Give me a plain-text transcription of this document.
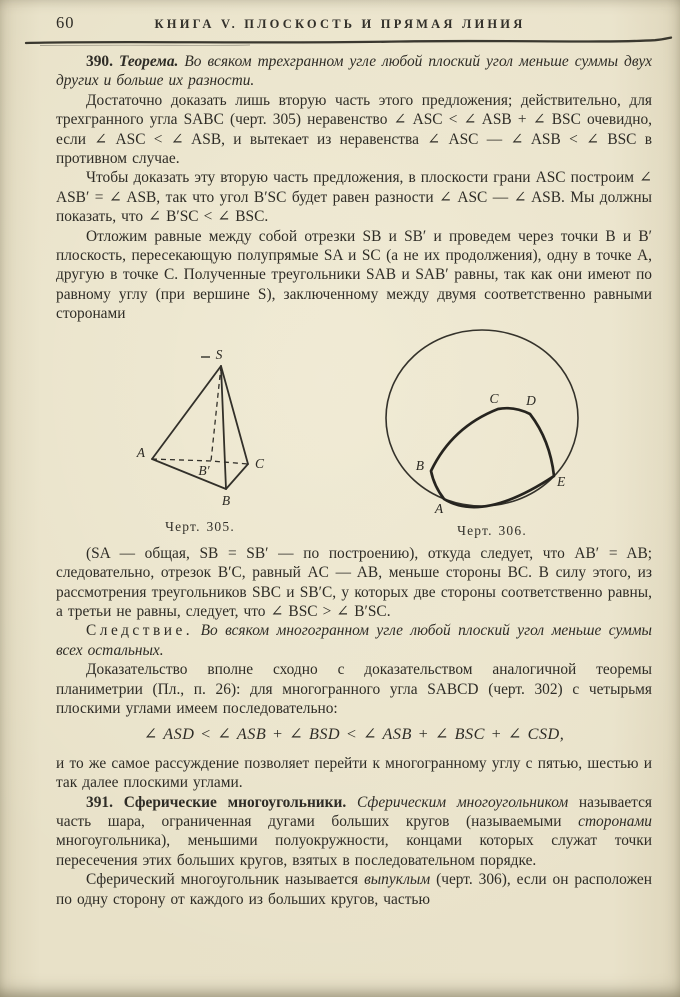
60	КНИГА V. ПЛОСКОСТЬ И ПРЯМАЯ ЛИНИЯ

390. Теорема. Во всяком трехгранном угле любой плоский угол меньше суммы двух других и больше их разности.

Достаточно доказать лишь вторую часть этого предложения; действительно, для трехгранного угла SABC (черт. 305) неравенство ∠ ASC < ∠ ASB + ∠ BSC очевидно, если ∠ ASC < ∠ ASB, и вытекает из неравенства ∠ ASC — ∠ ASB < ∠ BSC в противном случае.

Чтобы доказать эту вторую часть предложения, в плоскости грани ASC построим ∠ ASB′ = ∠ ASB, так что угол B′SC будет равен разности ∠ ASC — ∠ ASB. Мы должны показать, что ∠ B′SC < ∠ BSC.

Отложим равные между собой отрезки SB и SB′ и проведем через точки B и B′ плоскость, пересекающую полупрямые SA и SC (а не их продолжения), одну в точке A, другую в точке C. Полученные треугольники SAB и SAB′ равны, так как они имеют по равному углу (при вершине S), заключенному между двумя соответственно равными сторонами

S
A
B′	C
B
Черт. 305.
C D
B
E
A
Черт. 306.

(SA — общая, SB = SB′ — по построению), откуда следует, что AB′ = AB; следовательно, отрезок B′C, равный AC — AB, меньше стороны BC. В силу этого, из рассмотрения треугольников SBC и SB′C, у которых две стороны соответственно равны, а третьи не равны, следует, что ∠ BSC > ∠ B′SC.

Следствие. Во всяком многогранном угле любой плоский угол меньше суммы всех остальных.

Доказательство вполне сходно с доказательством аналогичной теоремы планиметрии (Пл., п. 26): для многогранного угла SABCD (черт. 302) с четырьмя плоскими углами имеем последовательно:

∠ ASD < ∠ ASB + ∠ BSD < ∠ ASB + ∠ BSC + ∠ CSD,

и то же самое рассуждение позволяет перейти к многогранному углу с пятью, шестью и так далее плоскими углами.

391. Сферические многоугольники. Сферическим многоугольником называется часть шара, ограниченная дугами больших кругов (называемыми сторонами многоугольника), меньшими полуокружности, концами которых служат точки пересечения этих больших кругов, взятых в последовательном порядке.

Сферический многоугольник называется выпуклым (черт. 306), если он расположен по одну сторону от каждого из больших кругов, частью
